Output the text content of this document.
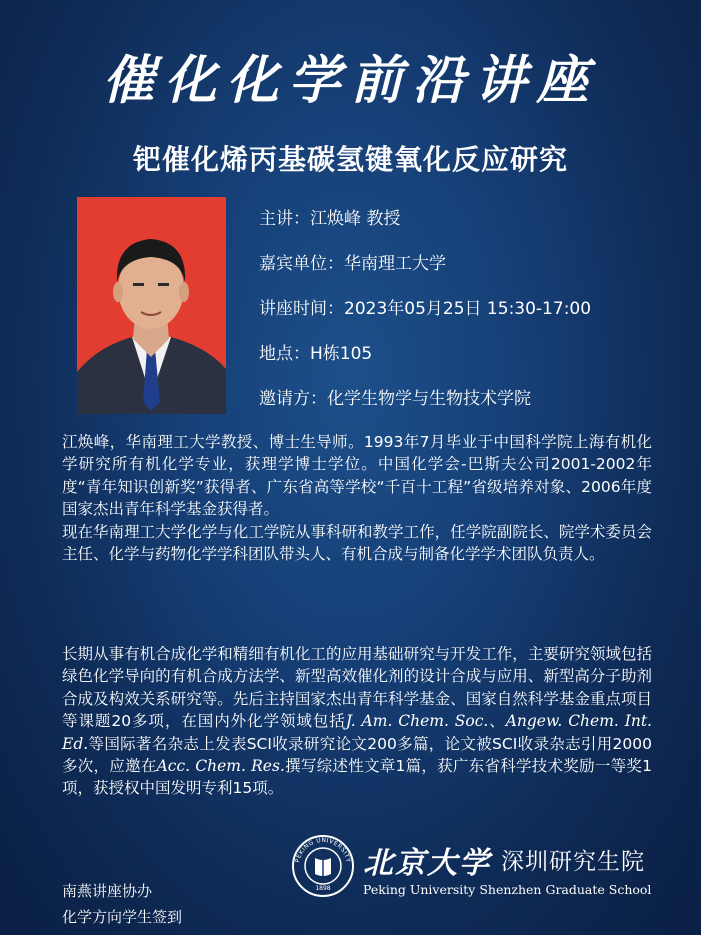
催化化学前沿讲座
钯催化烯丙基碳氢键氧化反应研究
主讲：江焕峰 教授
嘉宾单位：华南理工大学
讲座时间：2023年05月25日 15:30-17:00
地点：H栋105
邀请方：化学生物学与生物技术学院

江焕峰，华南理工大学教授、博士生导师。1993年7月毕业于中国科学院上海有机化学研究所有机化学专业，获理学博士学位。中国化学会-巴斯夫公司2001-2002年度“青年知识创新奖”获得者、广东省高等学校“千百十工程”省级培养对象、2006年度国家杰出青年科学基金获得者。

现在华南理工大学化学与化工学院从事科研和教学工作，任学院副院长、院学术委员会主任、化学与药物化学学科团队带头人、有机合成与制备化学学术团队负责人。

长期从事有机合成化学和精细有机化工的应用基础研究与开发工作，主要研究领域包括绿色化学导向的有机合成方法学、新型高效催化剂的设计合成与应用、新型高分子助剂合成及构效关系研究等。先后主持国家杰出青年科学基金、国家自然科学基金重点项目等课题20多项，在国内外化学领域包括J. Am. Chem. Soc.、Angew. Chem. Int. Ed.等国际著名杂志上发表SCI收录研究论文200多篇，论文被SCI收录杂志引用2000多次，应邀在Acc. Chem. Res.撰写综述性文章1篇，获广东省科学技术奖励一等奖1项，获授权中国发明专利15项。

南燕讲座协办
化学方向学生签到
PEKING UNIVERSITY
1898
北京大学 深圳研究生院
Peking University Shenzhen Graduate School
